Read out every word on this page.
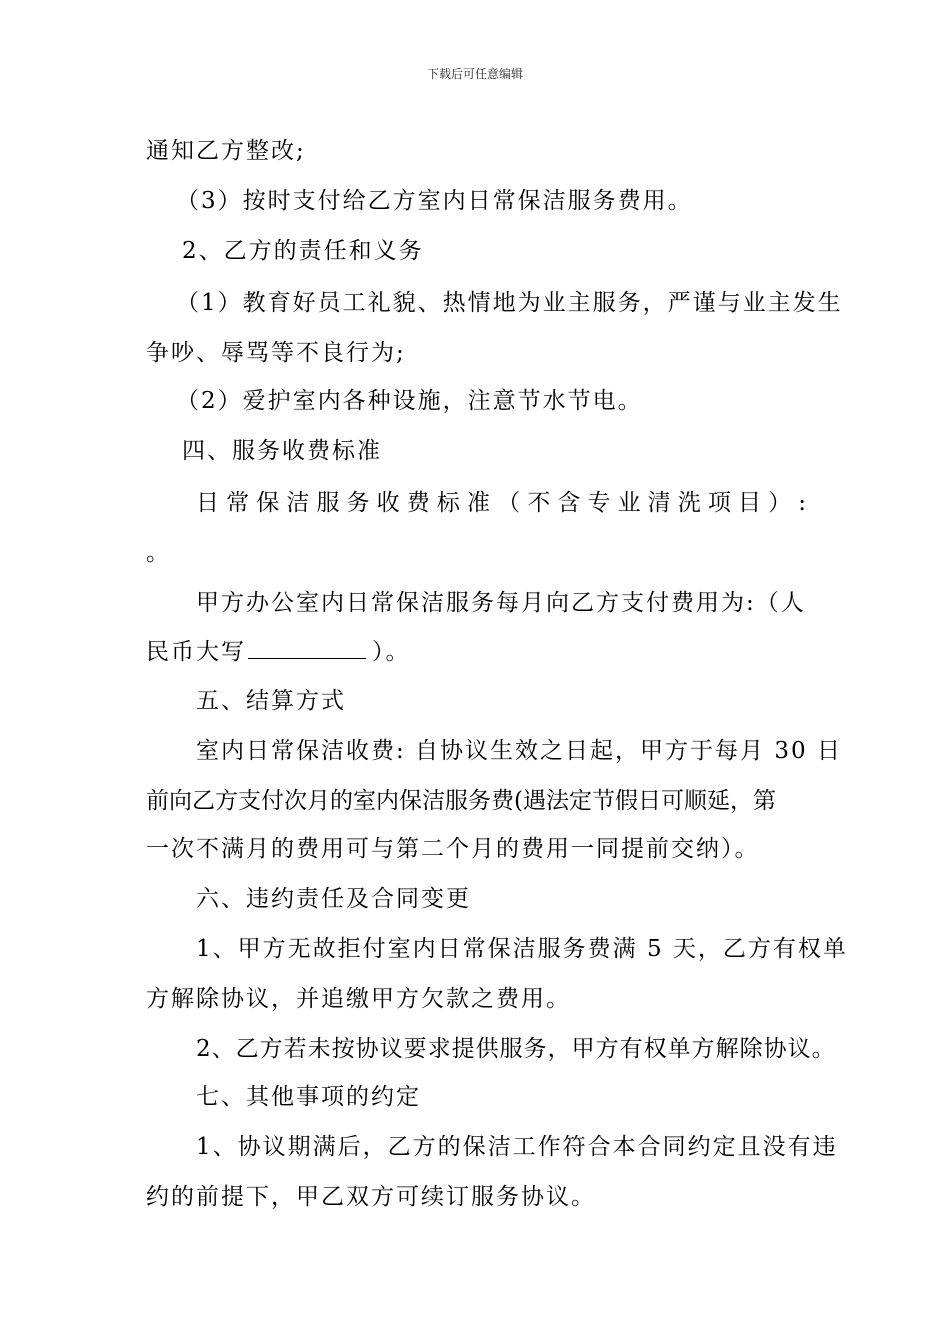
下载后可任意编辑
通知乙方整改;
（3）按时支付给乙方室内日常保洁服务费用。
2、乙方的责任和义务
（1）教育好员工礼貌、热情地为业主服务，严谨与业主发生
争吵、辱骂等不良行为;
（2）爱护室内各种设施，注意节水节电。
四、服务收费标准
日常保洁服务收费标准（不含专业清洗项目）:
。
甲方办公室内日常保洁服务每月向乙方支付费用为:（人
民币大写	）。
五、结算方式
室内日常保洁收费: 自协议生效之日起，甲方于每月 30 日
前向乙方支付次月的室内保洁服务费(遇法定节假日可顺延，第
一次不满月的费用可与第二个月的费用一同提前交纳）。
六、违约责任及合同变更
1、甲方无故拒付室内日常保洁服务费满 5 天，乙方有权单
方解除协议，并追缴甲方欠款之费用。
2、乙方若未按协议要求提供服务，甲方有权单方解除协议。
七、其他事项的约定
1、协议期满后，乙方的保洁工作符合本合同约定且没有违
约的前提下，甲乙双方可续订服务协议。
